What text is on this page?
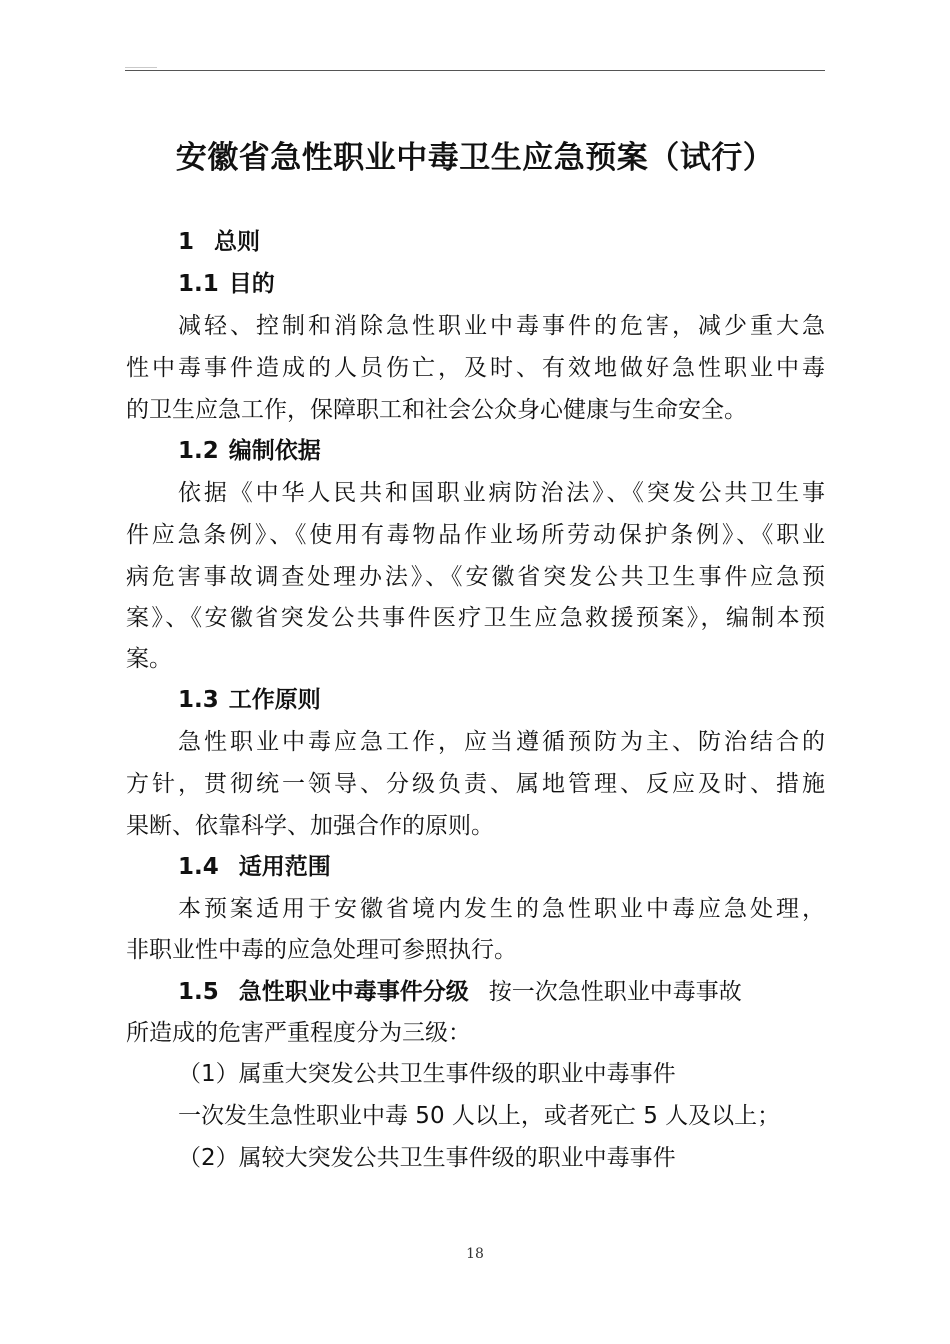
安徽省急性职业中毒卫生应急预案（试行）
1 总则
1.1 目的
减轻、控制和消除急性职业中毒事件的危害，减少重大急
性中毒事件造成的人员伤亡，及时、有效地做好急性职业中毒
的卫生应急工作，保障职工和社会公众身心健康与生命安全。
1.2 编制依据
依据《中华人民共和国职业病防治法》、《突发公共卫生事
件应急条例》、《使用有毒物品作业场所劳动保护条例》、《职业
病危害事故调查处理办法》、《安徽省突发公共卫生事件应急预
案》、《安徽省突发公共事件医疗卫生应急救援预案》，编制本预
案。
1.3 工作原则
急性职业中毒应急工作，应当遵循预防为主、防治结合的
方针，贯彻统一领导、分级负责、属地管理、反应及时、措施
果断、依靠科学、加强合作的原则。
1.4 适用范围
本预案适用于安徽省境内发生的急性职业中毒应急处理，
非职业性中毒的应急处理可参照执行。
1.5 急性职业中毒事件分级 按一次急性职业中毒事故
所造成的危害严重程度分为三级：
（1）属重大突发公共卫生事件级的职业中毒事件
一次发生急性职业中毒 50 人以上，或者死亡 5 人及以上；
（2）属较大突发公共卫生事件级的职业中毒事件
18
